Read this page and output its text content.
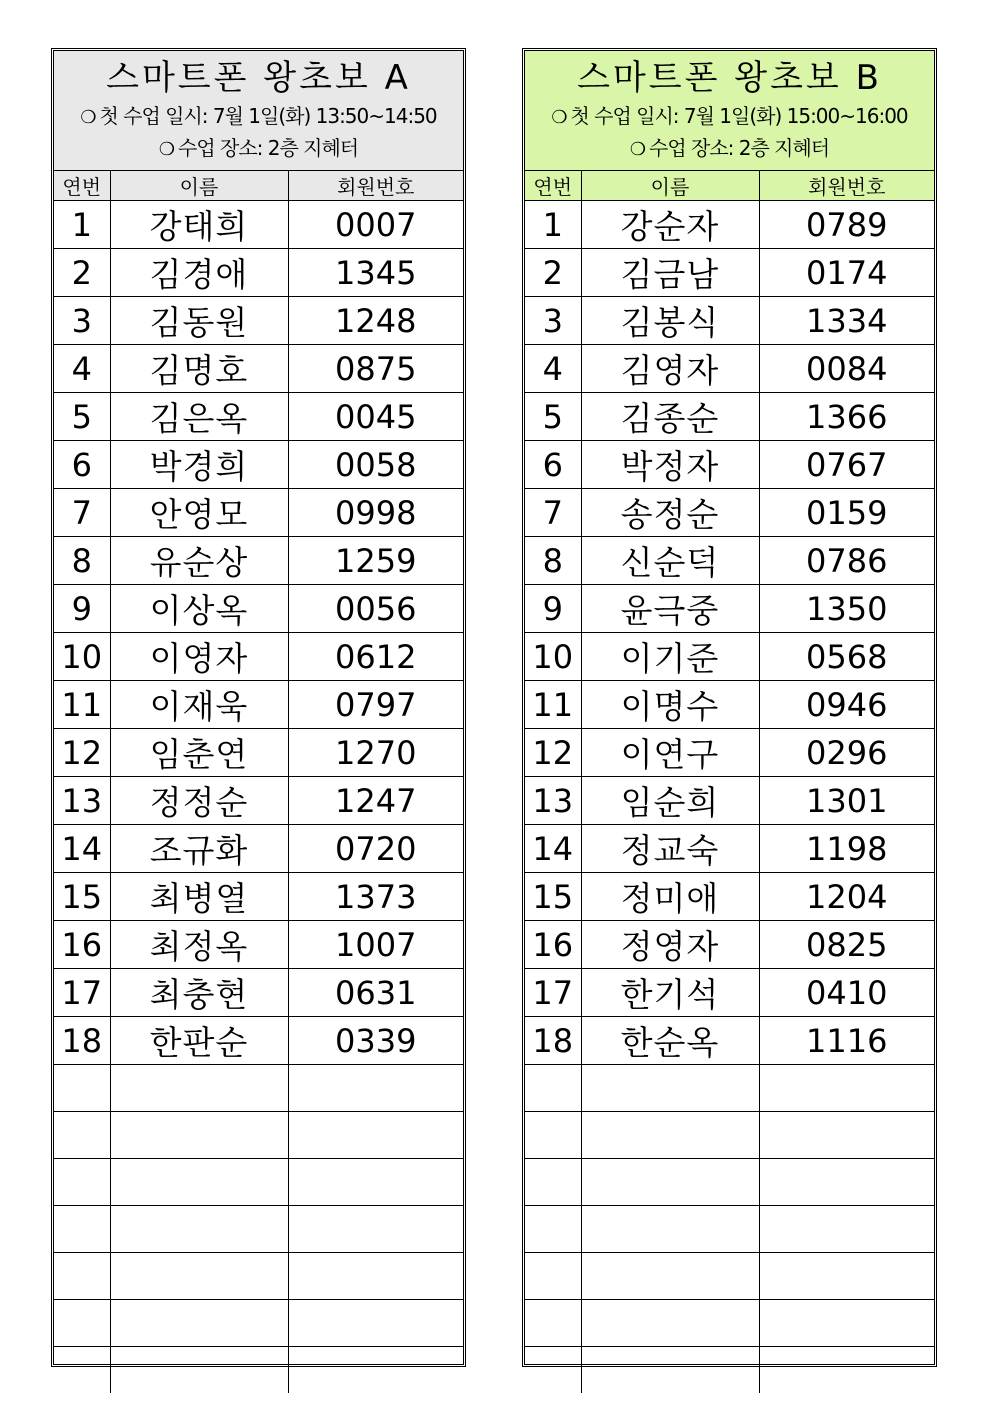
스마트폰 왕초보 A
❍ 첫 수업 일시: 7월 1일(화) 13:50~14:50
❍ 수업 장소: 2층 지혜터
연번	이름	회원번호
1	강태희	0007
2	김경애	1345
3	김동원	1248
4	김명호	0875
5	김은옥	0045
6	박경희	0058
7	안영모	0998
8	유순상	1259
9	이상옥	0056
10	이영자	0612
11	이재욱	0797
12	임춘연	1270
13	정정순	1247
14	조규화	0720
15	최병열	1373
16	최정옥	1007
17	최충현	0631
18	한판순	0339

스마트폰 왕초보 B
❍ 첫 수업 일시: 7월 1일(화) 15:00~16:00
❍ 수업 장소: 2층 지혜터
연번	이름	회원번호
1	강순자	0789
2	김금남	0174
3	김봉식	1334
4	김영자	0084
5	김종순	1366
6	박정자	0767
7	송정순	0159
8	신순덕	0786
9	윤극중	1350
10	이기준	0568
11	이명수	0946
12	이연구	0296
13	임순희	1301
14	정교숙	1198
15	정미애	1204
16	정영자	0825
17	한기석	0410
18	한순옥	1116
